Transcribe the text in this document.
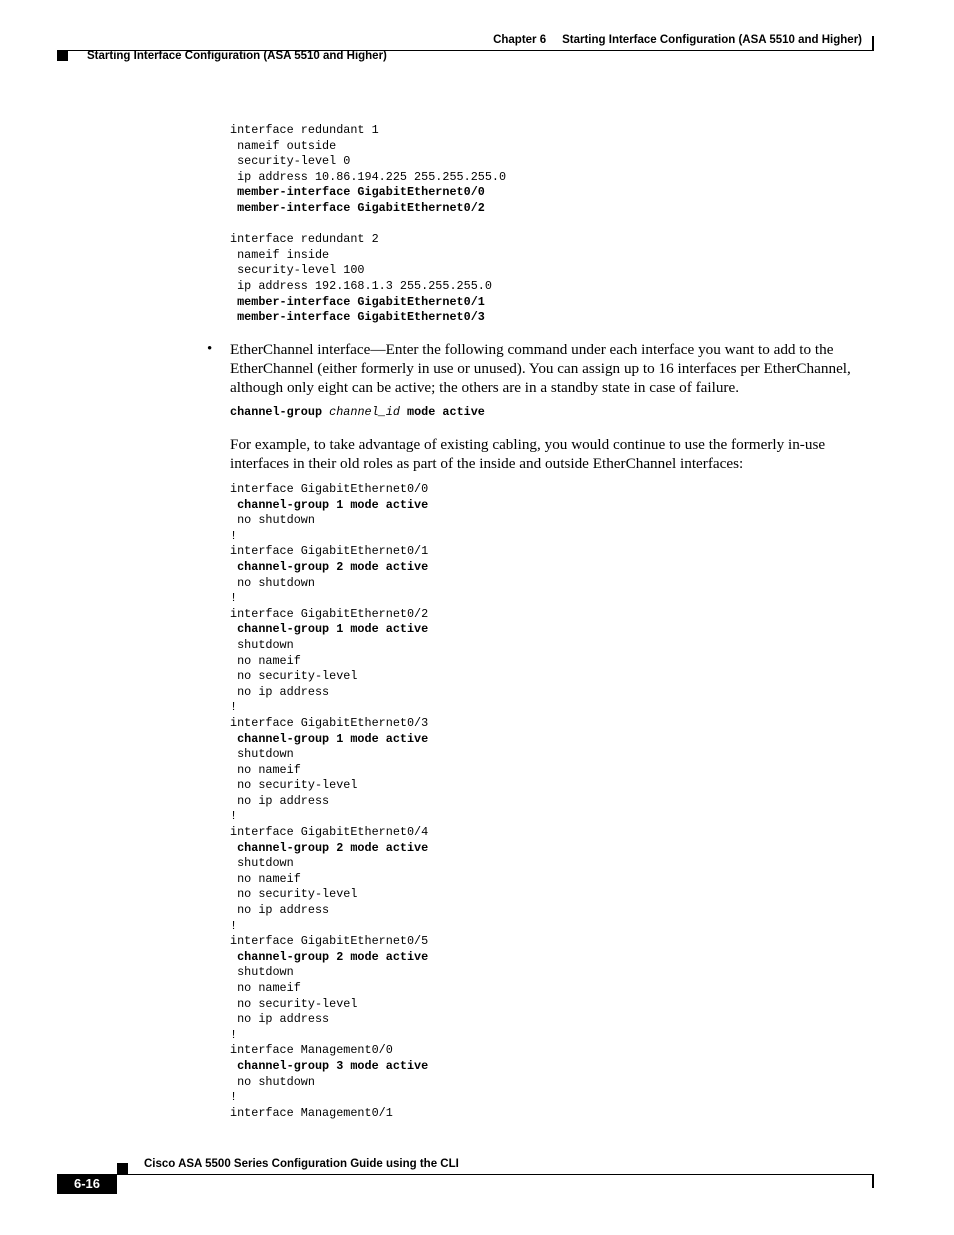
Chapter 6 Starting Interface Configuration (ASA 5510 and Higher)
Starting Interface Configuration (ASA 5510 and Higher)
interface redundant 1
nameif outside
security-level 0
ip address 10.86.194.225 255.255.255.0
member-interface GigabitEthernet0/0
member-interface GigabitEthernet0/2
interface redundant 2
nameif inside
security-level 100
ip address 192.168.1.3 255.255.255.0
member-interface GigabitEthernet0/1
member-interface GigabitEthernet0/3
• EtherChannel interface—Enter the following command under each interface you want to add to the EtherChannel (either formerly in use or unused). You can assign up to 16 interfaces per EtherChannel, although only eight can be active; the others are in a standby state in case of failure.

channel-group channel_id mode active

For example, to take advantage of existing cabling, you would continue to use the formerly in-use interfaces in their old roles as part of the inside and outside EtherChannel interfaces:

interface GigabitEthernet0/0
channel-group 1 mode active
no shutdown
!
interface GigabitEthernet0/1
channel-group 2 mode active
no shutdown
!
interface GigabitEthernet0/2
channel-group 1 mode active
shutdown
no nameif
no security-level
no ip address
!
interface GigabitEthernet0/3
channel-group 1 mode active
shutdown
no nameif
no security-level
no ip address
!
interface GigabitEthernet0/4
channel-group 2 mode active
shutdown
no nameif
no security-level
no ip address
!
interface GigabitEthernet0/5
channel-group 2 mode active
shutdown
no nameif
no security-level
no ip address
!
interface Management0/0
channel-group 3 mode active
no shutdown
!
interface Management0/1
Cisco ASA 5500 Series Configuration Guide using the CLI
6-16
